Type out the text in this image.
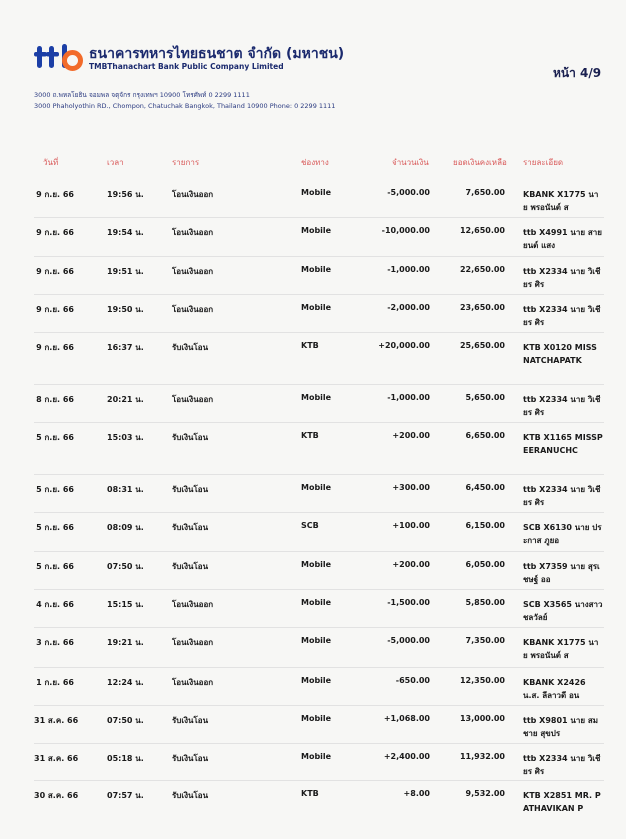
ธนาคารทหารไทยธนชาต จำกัด (มหาชน)
TMBThanachart Bank Public Company Limited	หน้า 4/9
3000 ถ.พหลโยธิน จอมพล จตุจักร กรุงเทพฯ 10900 โทรศัพท์ 0 2299 1111
3000 Phaholyothin RD., Chompon, Chatuchak Bangkok, Thailand 10900 Phone: 0 2299 1111
วันที่	เวลา	รายการ	ช่องทาง	จำนวนเงิน	ยอดเงินคงเหลือ รายละเอียด
9 ก.ย. 66	19:56 น.	โอนเงินออก	Mobile	-5,000.00	7,650.00 KBANK X1775 นาย พรอนันต์ ส
9 ก.ย. 66	19:54 น.	โอนเงินออก	Mobile	-10,000.00	12,650.00 ttb X4991 นาย สายยนต์ แสง
9 ก.ย. 66	19:51 น.	โอนเงินออก	Mobile	-1,000.00	22,650.00 ttb X2334 นาย วิเชียร ศิร
9 ก.ย. 66	19:50 น.	โอนเงินออก	Mobile	-2,000.00	23,650.00 ttb X2334 นาย วิเชียร ศิร
9 ก.ย. 66	16:37 น.	รับเงินโอน	KTB	+20,000.00	25,650.00 KTB X0120 MISSNATCHAPATK
8 ก.ย. 66	20:21 น.	โอนเงินออก	Mobile	-1,000.00	5,650.00 ttb X2334 นาย วิเชียร ศิร
5 ก.ย. 66	15:03 น.	รับเงินโอน	KTB	+200.00	6,650.00 KTB X1165 MISSPEERANUCHC
5 ก.ย. 66	08:31 น.	รับเงินโอน	Mobile	+300.00	6,450.00 ttb X2334 นาย วิเชียร ศิร
5 ก.ย. 66	08:09 น.	รับเงินโอน	SCB	+100.00	6,150.00 SCB X6130 นาย ประกาส ภูยอ
5 ก.ย. 66	07:50 น.	รับเงินโอน	Mobile	+200.00	6,050.00 ttb X7359 นาย สุรเชษฐ์ ออ
4 ก.ย. 66	15:15 น.	โอนเงินออก	Mobile	-1,500.00	5,850.00 SCB X3565 นางสาว ชลวัลย์
3 ก.ย. 66	19:21 น.	โอนเงินออก	Mobile	-5,000.00	7,350.00 KBANK X1775 นาย พรอนันต์ ส
1 ก.ย. 66	12:24 น.	โอนเงินออก	Mobile	-650.00	12,350.00 KBANK X2426 น.ส. ลีลาวดี อน
31 ส.ค. 66	07:50 น.	รับเงินโอน	Mobile	+1,068.00	13,000.00 ttb X9801 นาย สมชาย สุขปร
31 ส.ค. 66	05:18 น.	รับเงินโอน	Mobile	+2,400.00	11,932.00 ttb X2334 นาย วิเชียร ศิร
30 ส.ค. 66	07:57 น.	รับเงินโอน	KTB	+8.00	9,532.00 KTB X2851 MR. PATHAVIKAN P
